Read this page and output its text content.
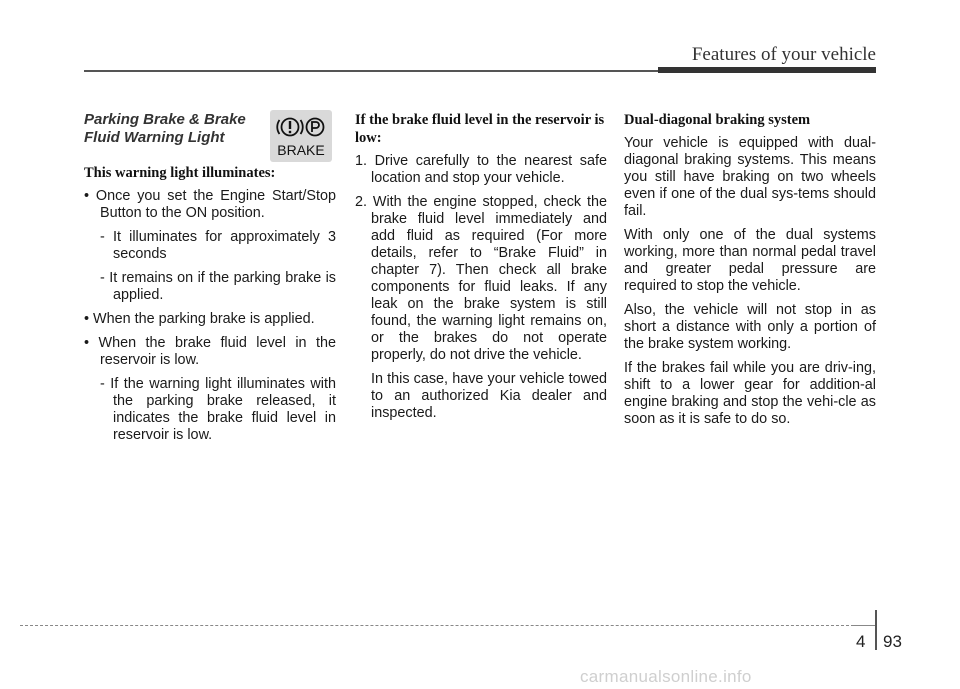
Features of your vehicle
Parking Brake & Brake Fluid Warning Light
This warning light illuminates:
• Once you set the Engine Start/Stop Button to the ON position.
- It illuminates for approximately 3 seconds
- It remains on if the parking brake is applied.
• When the parking brake is applied.
• When the brake fluid level in the reservoir is low.
- If the warning light illuminates with the parking brake released, it indicates the brake fluid level in reservoir is low.
BRAKE
If the brake fluid level in the reservoir is low:
1. Drive carefully to the nearest safe location and stop your vehicle.
2. With the engine stopped, check the brake fluid level immediately and add fluid as required (For more details, refer to “Brake Fluid” in chapter 7). Then check all brake components for fluid leaks. If any leak on the brake system is still found, the warning light remains on, or the brakes do not operate properly, do not drive the vehicle.
In this case, have your vehicle towed to an authorized Kia dealer and inspected.
Dual-diagonal braking system
Your vehicle is equipped with dual-diagonal braking systems. This means you still have braking on two wheels even if one of the dual sys-tems should fail.
With only one of the dual systems working, more than normal pedal travel and greater pedal pressure are required to stop the vehicle.
Also, the vehicle will not stop in as short a distance with only a portion of the brake system working.
If the brakes fail while you are driv-ing, shift to a lower gear for addition-al engine braking and stop the vehi-cle as soon as it is safe to do so.
4 93
carmanualsonline.info
